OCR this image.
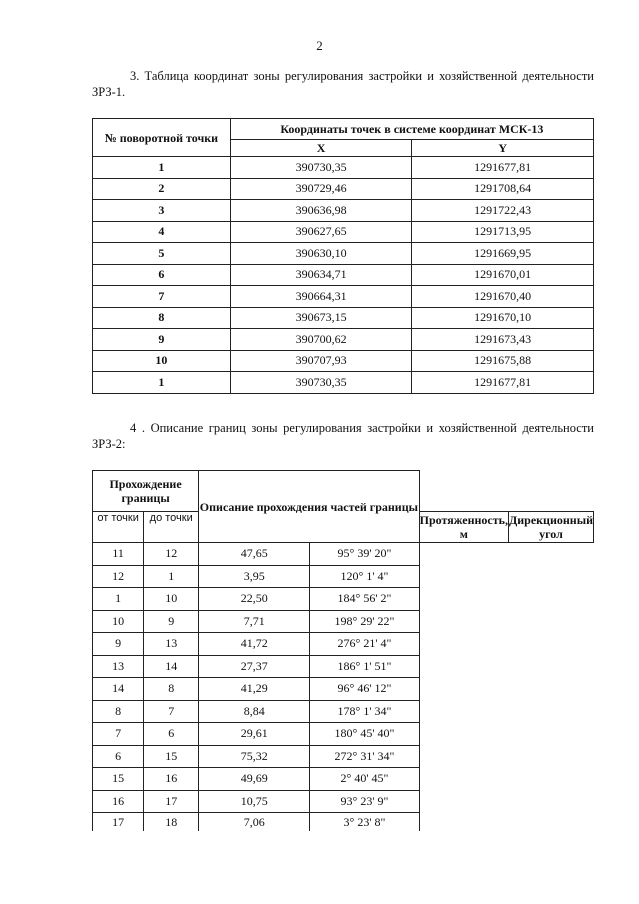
2
3. Таблица координат зоны регулирования застройки и хозяйственной деятельности ЗРЗ-1.
№ поворотной точки	Координаты точек в системе координат МСК-13	
	X	Y
1	390730,35	1291677,81
2	390729,46	1291708,64
3	390636,98	1291722,43
4	390627,65	1291713,95
5	390630,10	1291669,95
6	390634,71	1291670,01
7	390664,31	1291670,40
8	390673,15	1291670,10
9	390700,62	1291673,43
10	390707,93	1291675,88
1	390730,35	1291677,81
4 . Описание границ зоны регулирования застройки и хозяйственной деятельности ЗРЗ-2:
Прохождение границы		Описание прохождения частей границы			
от точки	до точки			Протяженность, м	Дирекционный угол
11	12	47,65	95° 39' 20"		
12	1	3,95	120° 1' 4"		
1	10	22,50	184° 56' 2"		
10	9	7,71	198° 29' 22"		
9	13	41,72	276° 21' 4"		
13	14	27,37	186° 1' 51"		
14	8	41,29	96° 46' 12"		
8	7	8,84	178° 1' 34"		
7	6	29,61	180° 45' 40"		
6	15	75,32	272° 31' 34"		
15	16	49,69	2° 40' 45"		
16	17	10,75	93° 23' 9"		
17	18	7,06	3° 23' 8"		
